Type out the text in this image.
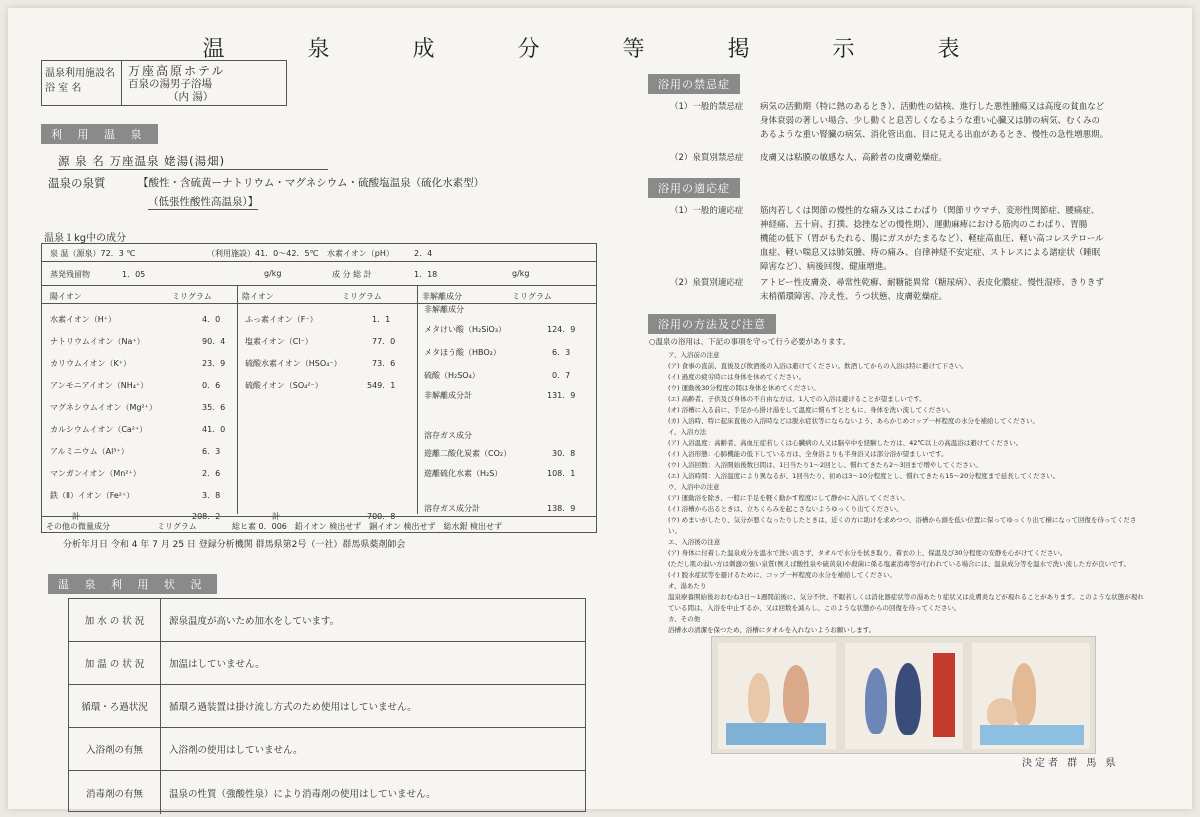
温 泉 成 分 等 掲 示 表
温泉利用施設名
浴 室 名
万座高原ホテル
百泉の湯男子浴場
（内 湯）
利 用 温 泉
源 泉 名 万座温泉 姥湯(湯畑)
温泉の泉質	【酸性・含硫黄ーナトリウム・マグネシウム・硫酸塩温泉（硫化水素型）
（低張性酸性高温泉）】
温泉１kg中の成分
泉 温（源泉）72．3 ℃	（利用施設）41．0～42．5℃ 水素イオン（pH）	2．4
蒸発残留物	1．05	g/kg	成 分 総 計	1．18	g/kg
陽イオン	ミリグラム	陰イオン	ミリグラム	非解離成分	ミリグラム
水素イオン（H⁺）	4．0
ナトリウムイオン（Na⁺）	90．4
カリウムイオン（K⁺）	23．9
アンモニアイオン（NH₄⁺）	0．6
マグネシウムイオン（Mg²⁺）	35．6
カルシウムイオン（Ca²⁺）	41．0
アルミニウム（Al³⁺）	6．3
マンガンイオン（Mn²⁺）	2．6
鉄（Ⅱ）イオン（Fe²⁺）	3．8
計	208．2
ふっ素イオン（F⁻）	1．1
塩素イオン（Cl⁻）	77．0
硫酸水素イオン（HSO₄⁻）	73．6
硫酸イオン（SO₄²⁻）	549．1
計	700．8
非解離成分
メタけい酸（H₂SiO₃）	124．9
メタほう酸（HBO₂）	6．3
硫酸（H₂SO₄）	0．7
非解離成分計	131．9
溶存ガス成分
遊離二酸化炭素（CO₂）	30．8
遊離硫化水素（H₂S）	108．1
溶存ガス成分計	138．9
その他の微量成分	ミリグラム	総ヒ素 0．006　鉛イオン 検出せず　銅イオン 検出せず　総水銀 検出せず
分析年月日 令和 4 年 7 月 25 日 登録分析機関 群馬県第2号（一社）群馬県薬剤師会
温 泉 利 用 状 況
加 水 の 状 況	源泉温度が高いため加水をしています。
加 温 の 状 況	加温はしていません。
循環・ろ過状況	循環ろ過装置は掛け流し方式のため使用はしていません。
入浴剤の有無	入浴剤の使用はしていません。
消毒剤の有無	温泉の性質（強酸性泉）により消毒剤の使用はしていません。
浴用の禁忌症
（1）一般的禁忌症 病気の活動期（特に熱のあるとき）、活動性の結核、進行した悪性腫瘍又は高度の貧血など
身体衰弱の著しい場合、少し動くと息苦しくなるような重い心臓又は肺の病気、むくみの
あるような重い腎臓の病気、消化管出血、目に見える出血があるとき、慢性の急性増悪期。
（2）泉質別禁忌症 皮膚又は粘膜の敏感な人、高齢者の皮膚乾燥症。
浴用の適応症
（1）一般的適応症 筋肉若しくは関節の慢性的な痛み又はこわばり（関節リウマチ、変形性関節症、腰痛症、
神経痛、五十肩、打撲、捻挫などの慢性期）、運動麻痺における筋肉のこわばり、胃腸
機能の低下（胃がもたれる、腸にガスがたまるなど）、軽症高血圧、軽い高コレステロール
血症、軽い喘息又は肺気腫、痔の痛み、自律神経不安定症、ストレスによる諸症状（睡眠
障害など）、病後回復、健康増進。
（2）泉質別適応症 アトピー性皮膚炎、尋常性乾癬、耐糖能異常（糖尿病）、表皮化膿症、慢性湿疹、きりきず
末梢循環障害、冷え性、うつ状態、皮膚乾燥症。
浴用の方法及び注意
○温泉の浴用は、下記の事項を守って行う必要があります。
ア、入浴前の注意
(ア) 食事の直前、直後及び飲酒後の入浴は避けてください。飲酒してからの入浴は特に避けて下さい。
(イ) 過度の疲労時には身体を休めてください。
(ウ) 運動後30分程度の間は身体を休めてください。
(エ) 高齢者、子供及び身体の不自由な方は、1人での入浴は避けることが望ましいです。
(オ) 浴槽に入る前に、手足から掛け湯をして温度に慣らすとともに、身体を洗い流してください。
(カ) 入浴時、特に起床直後の入浴時などは脱水症状等にならないよう、あらかじめコップ一杯程度の水分を補給してください。
イ、入浴方法
(ア) 入浴温度：高齢者、高血圧症若しくは心臓病の人又は脳卒中を経験した方は、42℃以上の高温浴は避けてください。
(イ) 入浴形態：心肺機能の低下している方は、全身浴よりも半身浴又は部分浴が望ましいです。
(ウ) 入浴回数：入浴開始後数日間は、1日当たり1～2回とし、慣れてきたら2～3回まで増やしてください。
(エ) 入浴時間：入浴温度により異なるが、1回当たり、初めは3～10分程度とし、慣れてきたら15～20分程度まで延長してください。
ウ、入浴中の注意
(ア) 運動浴を除き、一般に手足を軽く動かす程度にして静かに入浴してください。
(イ) 浴槽から出るときは、立ちくらみを起こさないようゆっくり出てください。
(ウ) めまいがしたり、気分が悪くなったりしたときは、近くの方に助けを求めつつ、浴槽から頭を低い位置に保ってゆっくり出て横になって回復を待ってください。
エ、入浴後の注意
(ア) 身体に付着した温泉成分を温水で洗い流さず、タオルで水分を拭き取り、着衣の上、保温及び30分程度の安静を心がけてください。
(ただし肌の弱い方は刺激の強い泉質(例えば酸性泉や硫黄泉)や殺菌に係る塩素消毒等が行われている場合には、温泉成分等を温水で洗い流した方が良いです。
(イ) 脱水症状等を避けるために、コップ一杯程度の水分を補給してください。
オ、湯あたり
温泉療養開始後おおむね3日～1週間前後に、気分不快、不眠若しくは消化器症状等の湯あたり症状又は皮膚炎などが現れることがあります。このような状態が現れている間は、入浴を中止するか、又は回数を減らし、このような状態からの回復を待ってください。
カ、その他
浴槽水の清潔を保つため、浴槽にタオルを入れないようお願いします。
決定者 群 馬 県
